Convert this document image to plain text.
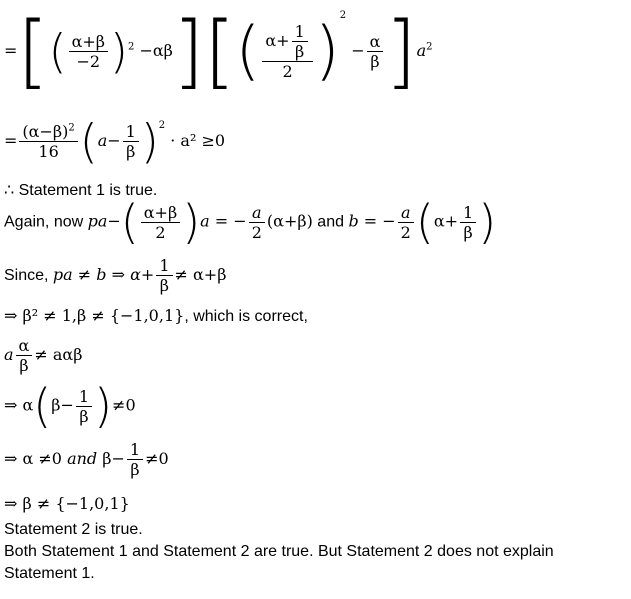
=[( $\frac{\alpha+\beta}{-2} )^2 -\alpha\beta][( \frac{\alpha+ \frac{1}{\beta}}{2} )^2 - \frac{\alpha}{\beta} ]a^2$
= $\frac{(\alpha-\beta)^2}{16} (a- \frac{1}{\beta} )^2 \cdot a^2 \ge 0$
∴ Statement 1 is true.
Again, now $pa-( \frac{\alpha+\beta}{2} )a$ = − $\frac{a}{2} (\alpha+\beta)$ and b = − $\frac{a}{2} (\alpha+ \frac{1}{\beta}$ )
Since, pa ≠ b ⇒ $\alpha+ \frac{1}{\beta} \ne \alpha+\beta$
⇒ β² ≠ 1,β ≠ {−1,0,1}, which is correct,
a $\frac{\alpha}{\beta} \ne a\alpha\beta$
⇒ $\alpha(\beta- \frac{1}{\beta} )\ne 0$
⇒ α ≠0 and $\beta- \frac{1}{\beta} \ne 0$
⇒ β ≠ {−1,0,1}
Statement 2 is true.
Both Statement 1 and Statement 2 are true. But Statement 2 does not explain
Statement 1.
